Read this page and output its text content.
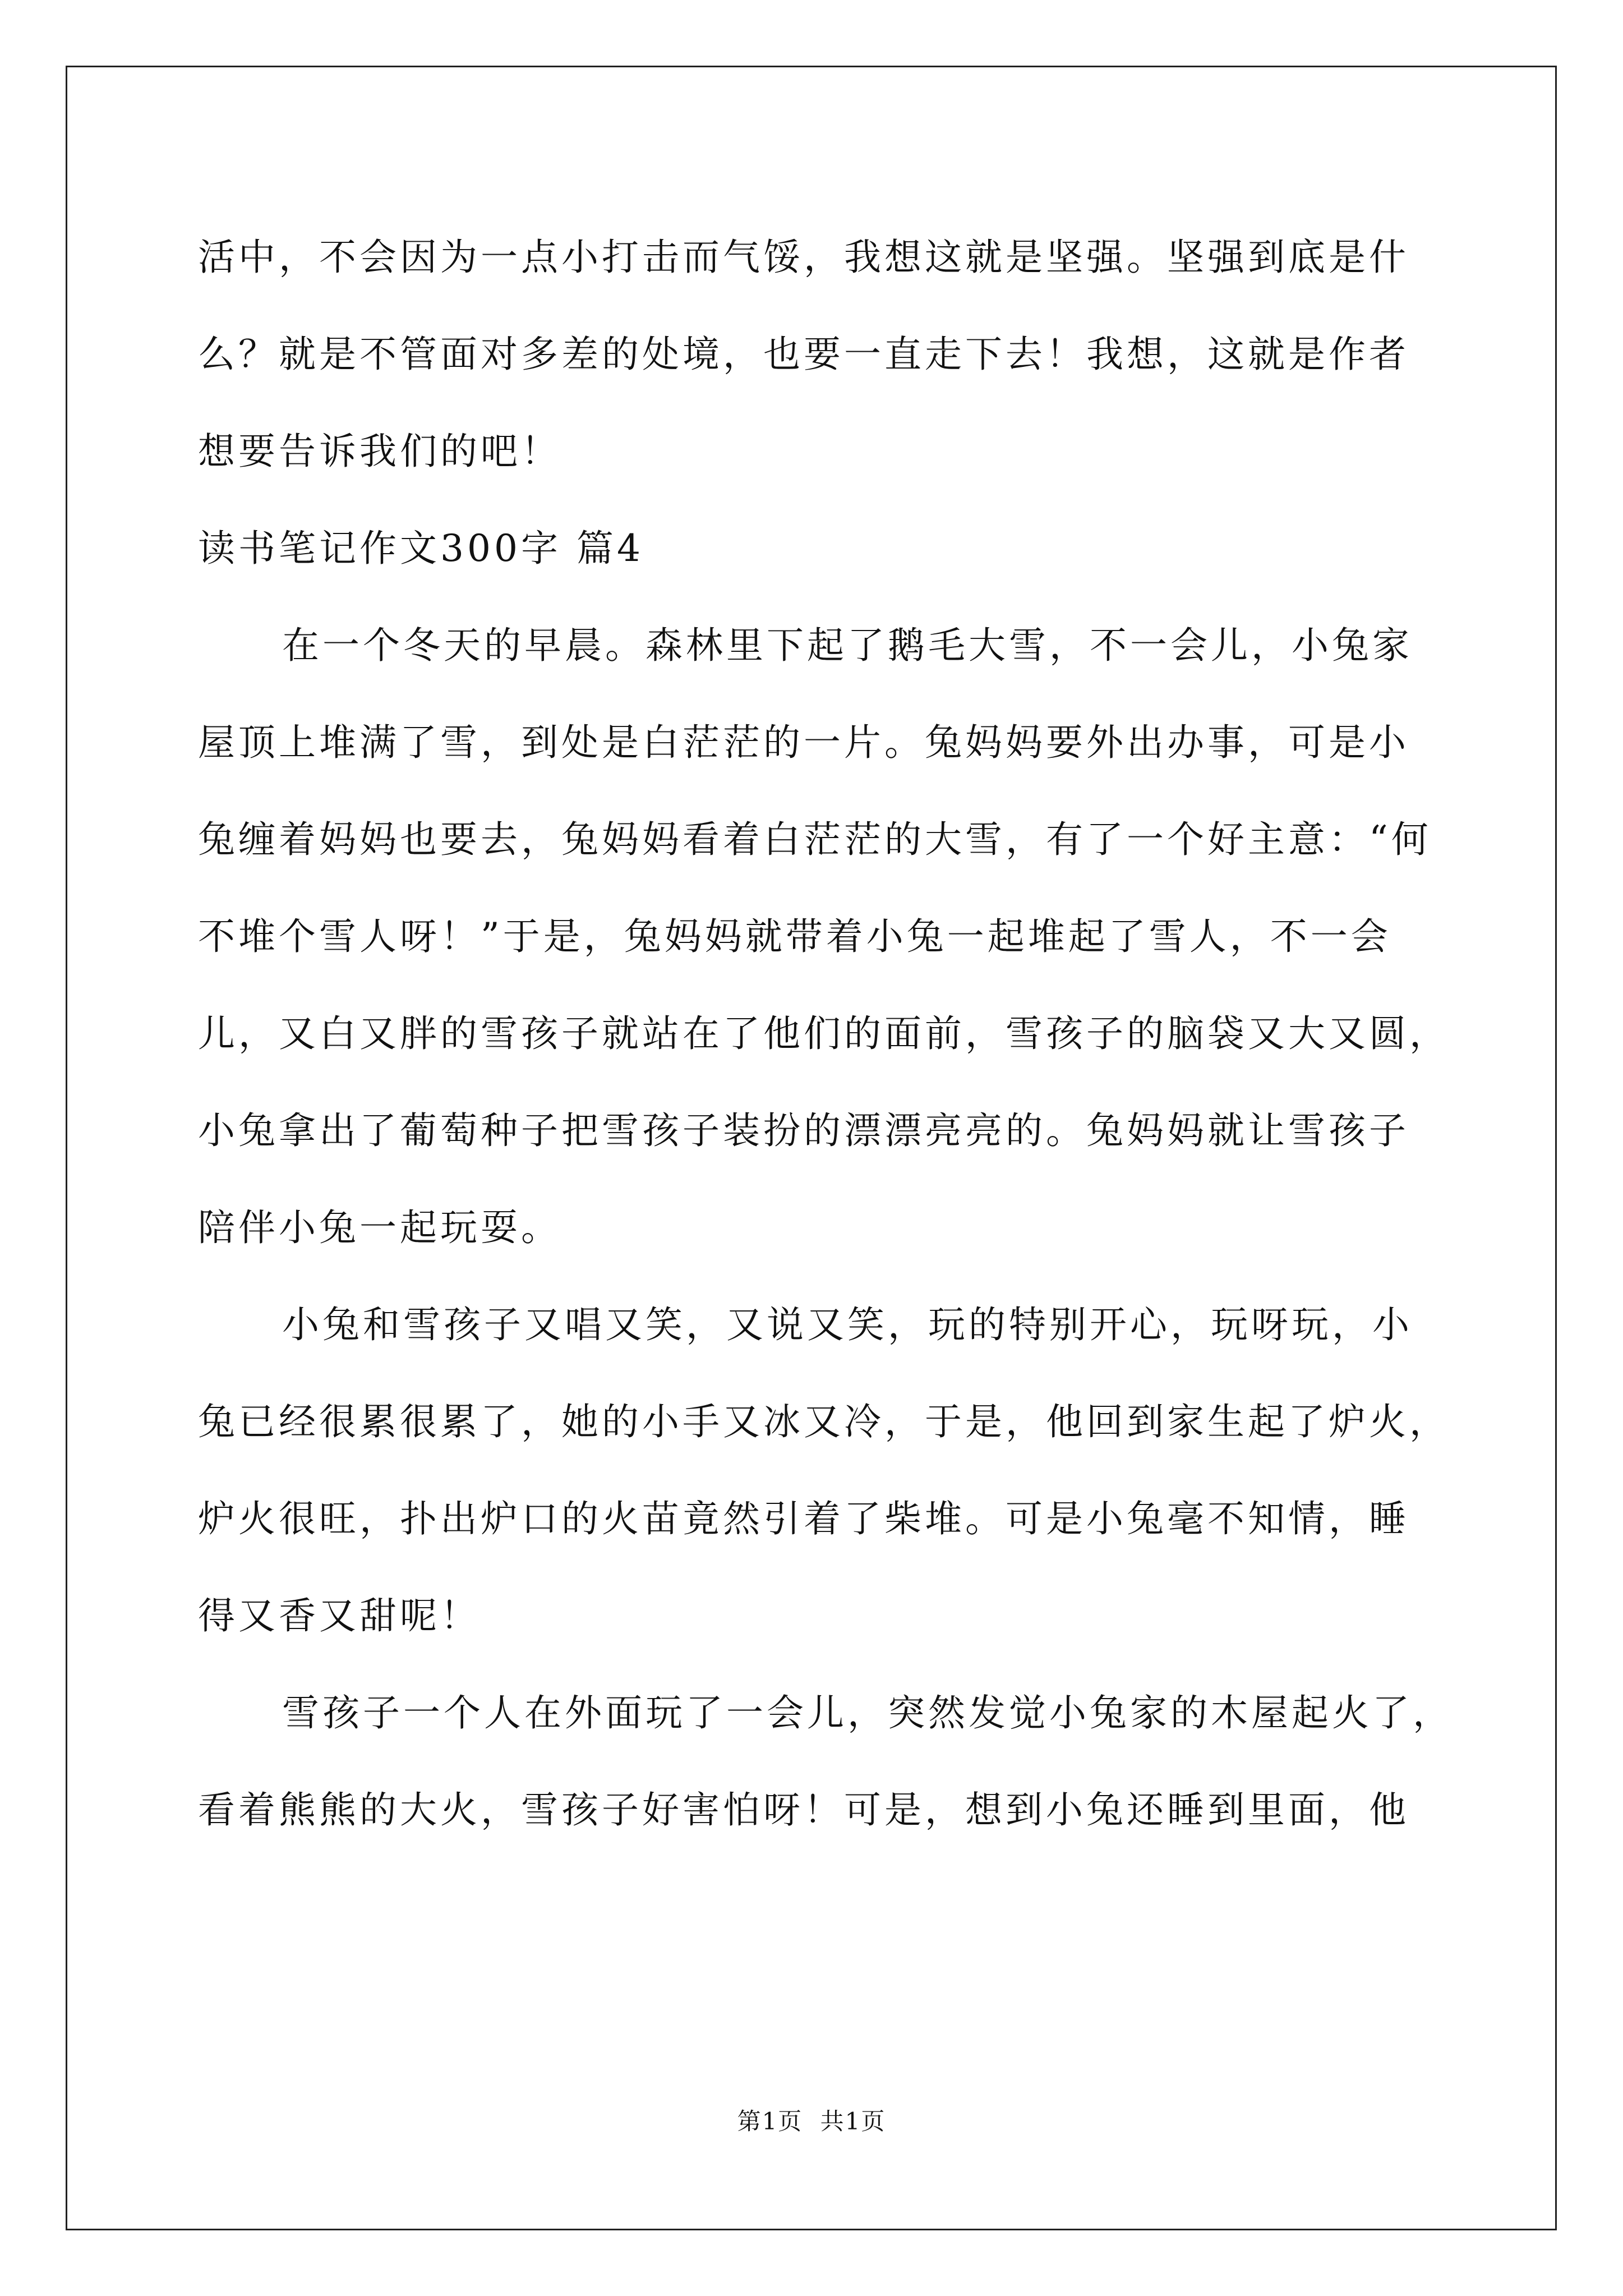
活中，不会因为一点小打击而气馁，我想这就是坚强。坚强到底是什
么？就是不管面对多差的处境，也要一直走下去！我想，这就是作者
想要告诉我们的吧！
读书笔记作文300字 篇4
在一个冬天的早晨。森林里下起了鹅毛大雪，不一会儿，小兔家
屋顶上堆满了雪，到处是白茫茫的一片。兔妈妈要外出办事，可是小
兔缠着妈妈也要去，兔妈妈看着白茫茫的大雪，有了一个好主意：“何
不堆个雪人呀！”于是，兔妈妈就带着小兔一起堆起了雪人，不一会
儿，又白又胖的雪孩子就站在了他们的面前，雪孩子的脑袋又大又圆，
小兔拿出了葡萄种子把雪孩子装扮的漂漂亮亮的。兔妈妈就让雪孩子
陪伴小兔一起玩耍。
小兔和雪孩子又唱又笑，又说又笑，玩的特别开心，玩呀玩，小
兔已经很累很累了，她的小手又冰又冷，于是，他回到家生起了炉火，
炉火很旺，扑出炉口的火苗竟然引着了柴堆。可是小兔毫不知情，睡
得又香又甜呢！
雪孩子一个人在外面玩了一会儿，突然发觉小兔家的木屋起火了，
看着熊熊的大火，雪孩子好害怕呀！可是，想到小兔还睡到里面，他
第1页 共1页
